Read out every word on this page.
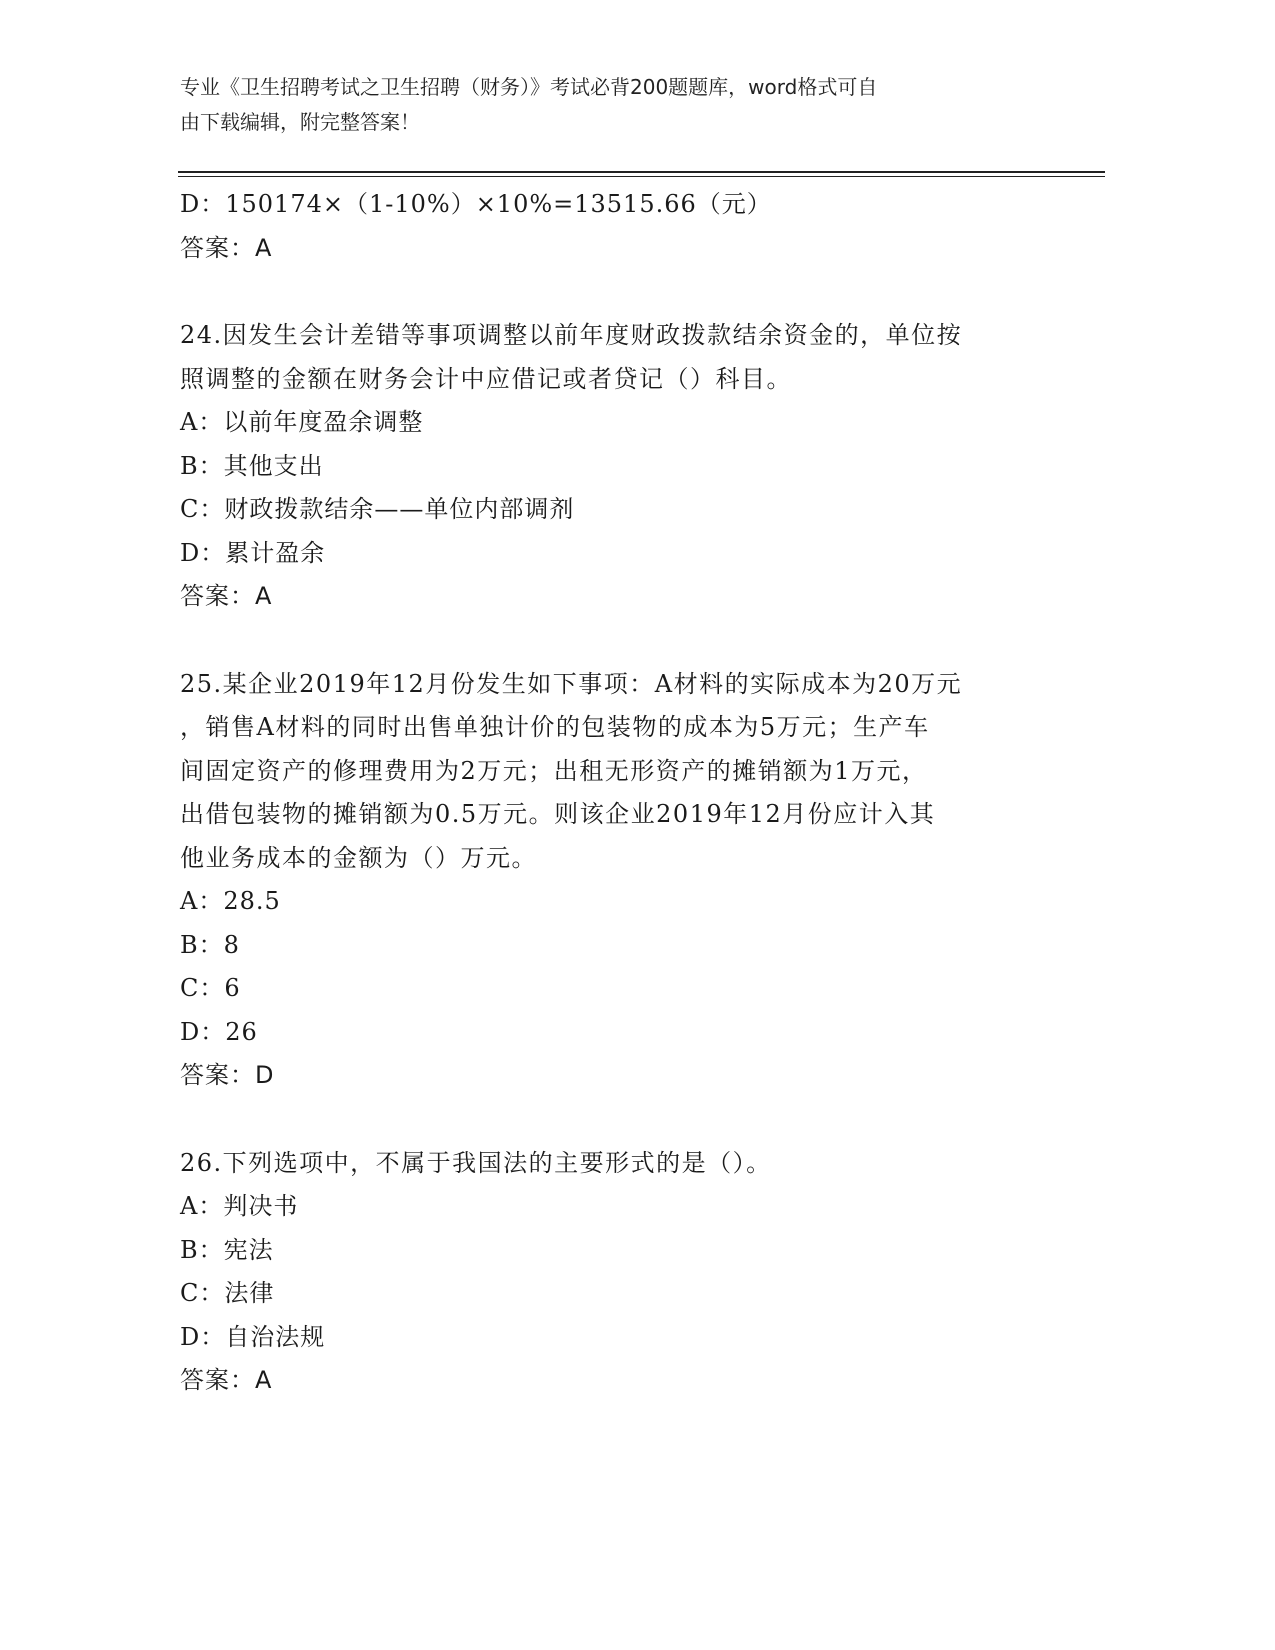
专业《卫生招聘考试之卫生招聘（财务）》考试必背200题题库，word格式可自
由下载编辑，附完整答案！
D：150174×（1-10%）×10%=13515.66（元）
答案：A
24.因发生会计差错等事项调整以前年度财政拨款结余资金的，单位按
照调整的金额在财务会计中应借记或者贷记（）科目。
A：以前年度盈余调整
B：其他支出
C：财政拨款结余——单位内部调剂
D：累计盈余
答案：A
25.某企业2019年12月份发生如下事项：A材料的实际成本为20万元
，销售A材料的同时出售单独计价的包装物的成本为5万元；生产车
间固定资产的修理费用为2万元；出租无形资产的摊销额为1万元，
出借包装物的摊销额为0.5万元。则该企业2019年12月份应计入其
他业务成本的金额为（）万元。
A：28.5
B：8
C：6
D：26
答案：D
26.下列选项中，不属于我国法的主要形式的是（）。
A：判决书
B：宪法
C：法律
D：自治法规
答案：A
